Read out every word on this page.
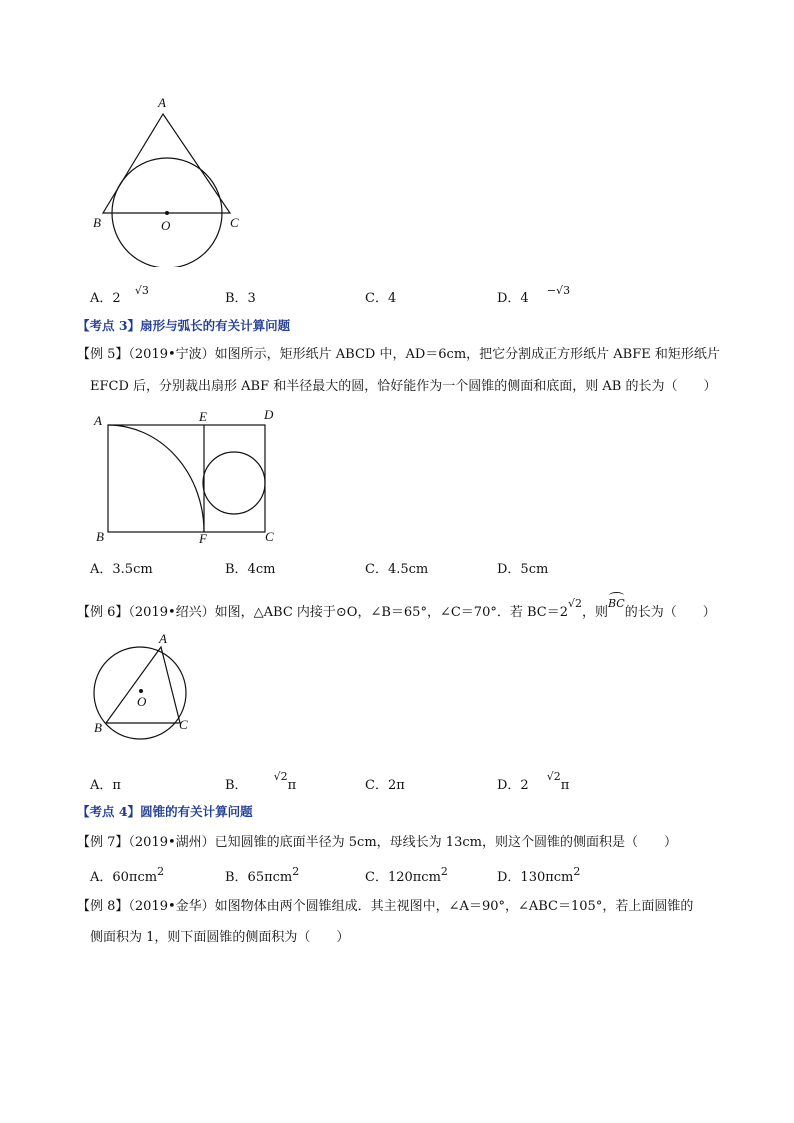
A
B	C
O
A．2 $^{√3}$
B．3	C．4	D．4 $^{-√3}$
【考点 3】扇形与弧长的有关计算问题
【例 5】（2019•宁波）如图所示，矩形纸片 ABCD 中，AD＝6cm，把它分割成正方形纸片 ABFE 和矩形纸片
EFCD 后，分别裁出扇形 ABF 和半径最大的圆，恰好能作为一个圆锥的侧面和底面，则 AB 的长为（　　）
A	E	D
B	F	C
A．3.5cm	B．4cm	C．4.5cm	D．5cm
【例 6】（2019•绍兴）如图，△ABC 内接于⊙O，∠B＝65°，∠C＝70°．若 $BC=2^{√2}$，则$^{BC}$的长为（　　）
A
B	C
O
A．π	B．$^{√2}$π	C．2π	D．$2^{√2}\pi$
【考点 4】圆锥的有关计算问题
【例 7】（2019•湖州）已知圆锥的底面半径为 5cm，母线长为 13cm，则这个圆锥的侧面积是（　　）
A．60πcm$^2$	B．65πcm$^2$	C．120πcm$^2$	D．130πcm$^2$
【例 8】（2019•金华）如图物体由两个圆锥组成．其主视图中，∠A＝90°，∠ABC＝105°，若上面圆锥的
侧面积为 1，则下面圆锥的侧面积为（　　）
